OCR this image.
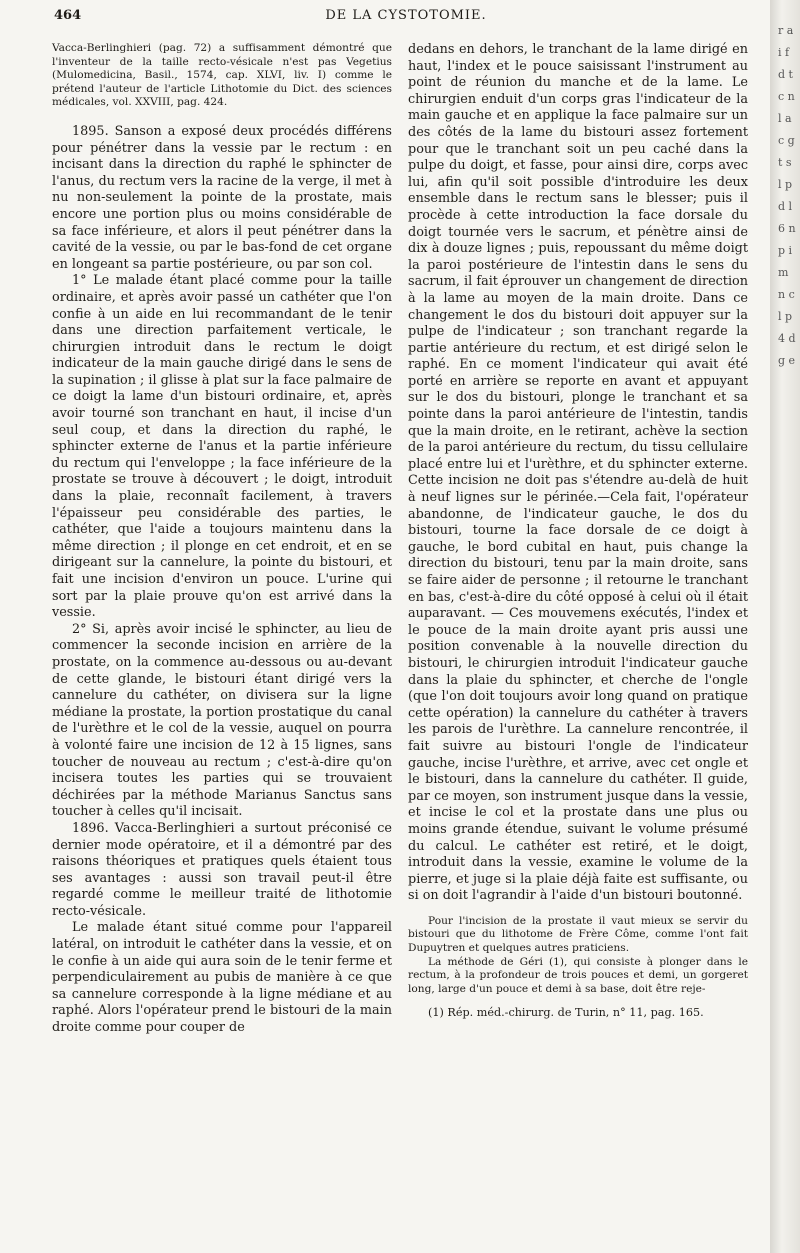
464	DE LA CYSTOTOMIE.

Vacca-Berlinghieri (pag. 72) a suffisamment démontré que l'inventeur de la taille recto-vésicale n'est pas Vegetius (Mulomedicina, Basil., 1574, cap. XLVI, liv. I) comme le prétend l'auteur de l'article Lithotomie du Dict. des sciences médicales, vol. XXVIII, pag. 424.

1895. Sanson a exposé deux procédés différens pour pénétrer dans la vessie par le rectum : en incisant dans la direction du raphé le sphincter de l'anus, du rectum vers la racine de la verge, il met à nu non-seulement la pointe de la prostate, mais encore une portion plus ou moins considérable de sa face inférieure, et alors il peut pénétrer dans la cavité de la vessie, ou par le bas-fond de cet organe en longeant sa partie postérieure, ou par son col.

1° Le malade étant placé comme pour la taille ordinaire, et après avoir passé un cathéter que l'on confie à un aide en lui recommandant de le tenir dans une direction parfaitement verticale, le chirurgien introduit dans le rectum le doigt indicateur de la main gauche dirigé dans le sens de la supination ; il glisse à plat sur la face palmaire de ce doigt la lame d'un bistouri ordinaire, et, après avoir tourné son tranchant en haut, il incise d'un seul coup, et dans la direction du raphé, le sphincter externe de l'anus et la partie inférieure du rectum qui l'enveloppe ; la face inférieure de la prostate se trouve à découvert ; le doigt, introduit dans la plaie, reconnaît facilement, à travers l'épaisseur peu considérable des parties, le cathéter, que l'aide a toujours maintenu dans la même direction ; il plonge en cet endroit, et en se dirigeant sur la cannelure, la pointe du bistouri, et fait une incision d'environ un pouce. L'urine qui sort par la plaie prouve qu'on est arrivé dans la vessie.

2° Si, après avoir incisé le sphincter, au lieu de commencer la seconde incision en arrière de la prostate, on la commence au-dessous ou au-devant de cette glande, le bistouri étant dirigé vers la cannelure du cathéter, on divisera sur la ligne médiane la prostate, la portion prostatique du canal de l'urèthre et le col de la vessie, auquel on pourra à volonté faire une incision de 12 à 15 lignes, sans toucher de nouveau au rectum ; c'est-à-dire qu'on incisera toutes les parties qui se trouvaient déchirées par la méthode Marianus Sanctus sans toucher à celles qu'il incisait.

1896. Vacca-Berlinghieri a surtout préconisé ce dernier mode opératoire, et il a démontré par des raisons théoriques et pratiques quels étaient tous ses avantages : aussi son travail peut-il être regardé comme le meilleur traité de lithotomie recto-vésicale.

Le malade étant situé comme pour l'appareil latéral, on introduit le cathéter dans la vessie, et on le confie à un aide qui aura soin de le tenir ferme et perpendiculairement au pubis de manière à ce que sa cannelure corresponde à la ligne médiane et au raphé. Alors l'opérateur prend le bistouri de la main droite comme pour couper de

dedans en dehors, le tranchant de la lame dirigé en haut, l'index et le pouce saisissant l'instrument au point de réunion du manche et de la lame. Le chirurgien enduit d'un corps gras l'indicateur de la main gauche et en applique la face palmaire sur un des côtés de la lame du bistouri assez fortement pour que le tranchant soit un peu caché dans la pulpe du doigt, et fasse, pour ainsi dire, corps avec lui, afin qu'il soit possible d'introduire les deux ensemble dans le rectum sans le blesser; puis il procède à cette introduction la face dorsale du doigt tournée vers le sacrum, et pénètre ainsi de dix à douze lignes ; puis, repoussant du même doigt la paroi postérieure de l'intestin dans le sens du sacrum, il fait éprouver un changement de direction à la lame au moyen de la main droite. Dans ce changement le dos du bistouri doit appuyer sur la pulpe de l'indicateur ; son tranchant regarde la partie antérieure du rectum, et est dirigé selon le raphé. En ce moment l'indicateur qui avait été porté en arrière se reporte en avant et appuyant sur le dos du bistouri, plonge le tranchant et sa pointe dans la paroi antérieure de l'intestin, tandis que la main droite, en le retirant, achève la section de la paroi antérieure du rectum, du tissu cellulaire placé entre lui et l'urèthre, et du sphincter externe. Cette incision ne doit pas s'étendre au-delà de huit à neuf lignes sur le périnée.—Cela fait, l'opérateur abandonne, de l'indicateur gauche, le dos du bistouri, tourne la face dorsale de ce doigt à gauche, le bord cubital en haut, puis change la direction du bistouri, tenu par la main droite, sans se faire aider de personne ; il retourne le tranchant en bas, c'est-à-dire du côté opposé à celui où il était auparavant. — Ces mouvemens exécutés, l'index et le pouce de la main droite ayant pris aussi une position convenable à la nouvelle direction du bistouri, le chirurgien introduit l'indicateur gauche dans la plaie du sphincter, et cherche de l'ongle (que l'on doit toujours avoir long quand on pratique cette opération) la cannelure du cathéter à travers les parois de l'urèthre. La cannelure rencontrée, il fait suivre au bistouri l'ongle de l'indicateur gauche, incise l'urèthre, et arrive, avec cet ongle et le bistouri, dans la cannelure du cathéter. Il guide, par ce moyen, son instrument jusque dans la vessie, et incise le col et la prostate dans une plus ou moins grande étendue, suivant le volume présumé du calcul. Le cathéter est retiré, et le doigt, introduit dans la vessie, examine le volume de la pierre, et juge si la plaie déjà faite est suffisante, ou si on doit l'agrandir à l'aide d'un bistouri boutonné.

Pour l'incision de la prostate il vaut mieux se servir du bistouri que du lithotome de Frère Côme, comme l'ont fait Dupuytren et quelques autres praticiens.

La méthode de Géri (1), qui consiste à plonger dans le rectum, à la profondeur de trois pouces et demi, un gorgeret long, large d'un pouce et demi à sa base, doit être reje-

(1) Rép. méd.-chirurg. de Turin, n° 11, pag. 165.

r a i f d t c n l a c g t s l p d l 6 n p i m n c l p 4 d g e
